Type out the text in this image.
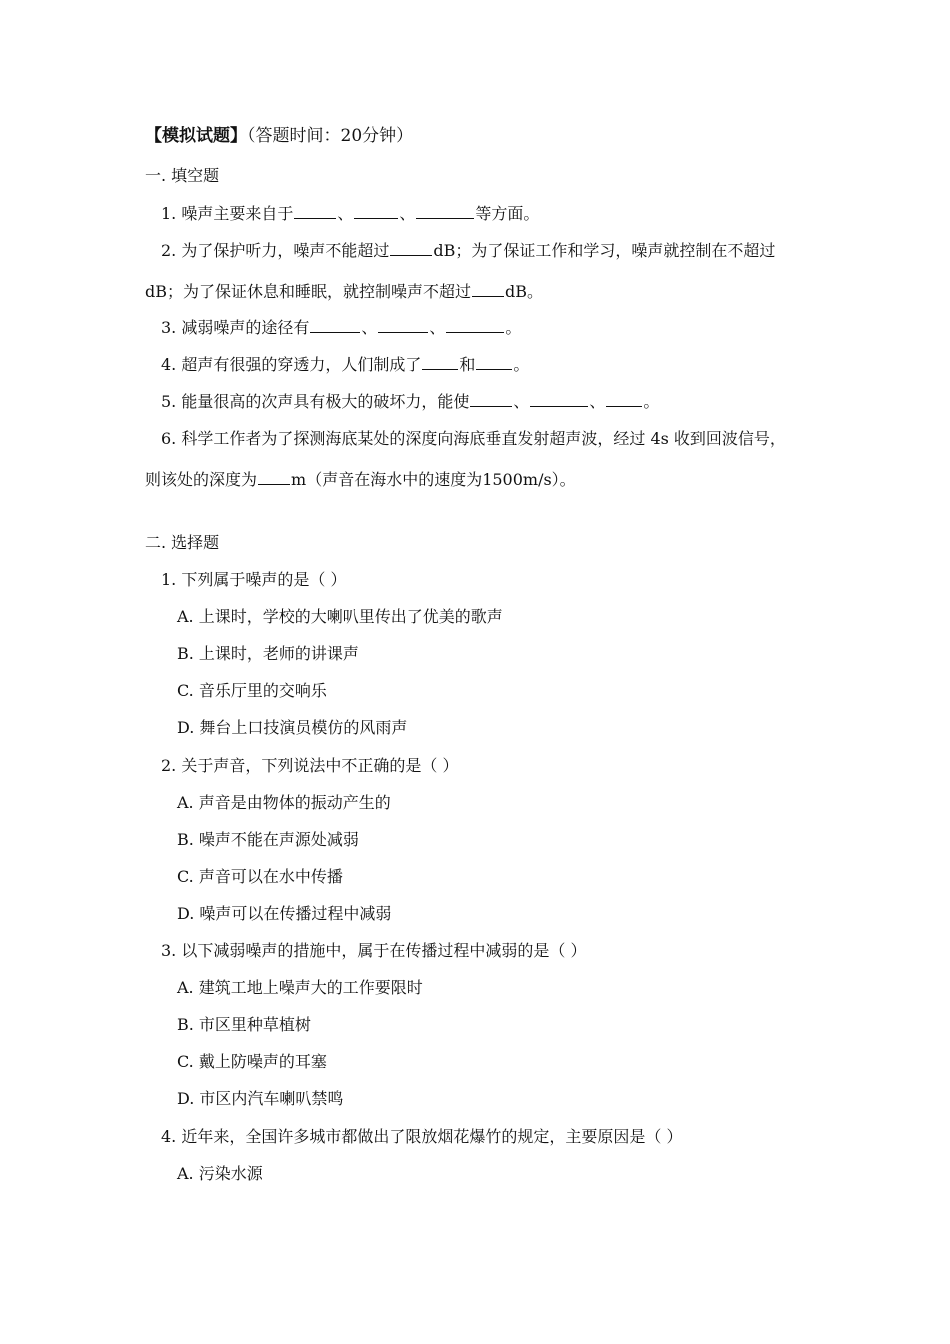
【模拟试题】（答题时间：20分钟）
一. 填空题
1. 噪声主要来自于	、	、	等方面。
2. 为了保护听力，噪声不能超过	dB；为了保证工作和学习，噪声就控制在不超过
dB；为了保证休息和睡眠，就控制噪声不超过 dB。
3. 减弱噪声的途径有	、	、	。
4. 超声有很强的穿透力，人们制成了 和 。
5. 能量很高的次声具有极大的破坏力，能使	、	、 。
6. 科学工作者为了探测海底某处的深度向海底垂直发射超声波，经过 4s 收到回波信号，
则该处的深度为 m（声音在海水中的速度为1500m/s）。
二. 选择题
1. 下列属于噪声的是（ ）
A. 上课时，学校的大喇叭里传出了优美的歌声
B. 上课时，老师的讲课声
C. 音乐厅里的交响乐
D. 舞台上口技演员模仿的风雨声
2. 关于声音，下列说法中不正确的是（ ）
A. 声音是由物体的振动产生的
B. 噪声不能在声源处减弱
C. 声音可以在水中传播
D. 噪声可以在传播过程中减弱
3. 以下减弱噪声的措施中，属于在传播过程中减弱的是（ ）
A. 建筑工地上噪声大的工作要限时
B. 市区里种草植树
C. 戴上防噪声的耳塞
D. 市区内汽车喇叭禁鸣
4. 近年来，全国许多城市都做出了限放烟花爆竹的规定，主要原因是（ ）
A. 污染水源
